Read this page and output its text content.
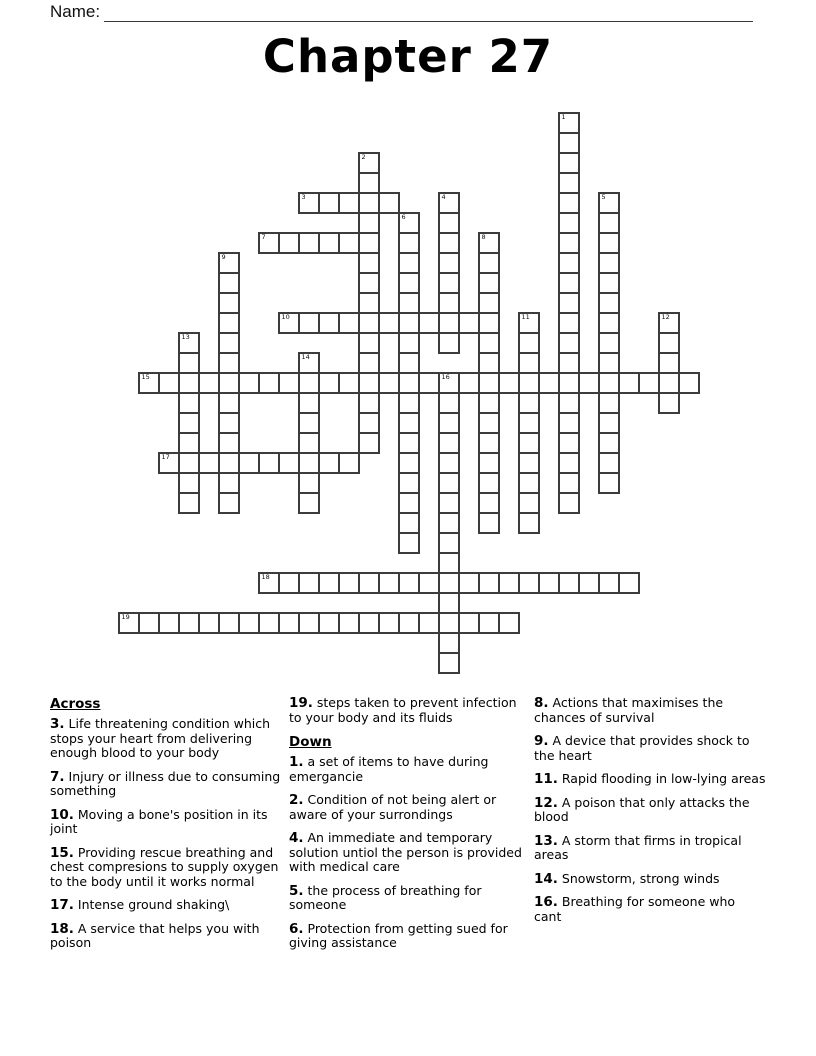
Name:
Chapter 27
1
2
3	4	5
6
7	8
9
10	11	12
13
14
15	16
17
18
19

Across

3. Life threatening condition which stops your heart from delivering enough blood to your body

7. Injury or illness due to consuming something

10. Moving a bone's position in its joint

15. Providing rescue breathing and chest compresions to supply oxygen to the body until it works normal

17. Intense ground shaking\

18. A service that helps you with poison

19. steps taken to prevent infection to your body and its fluids

Down

1. a set of items to have during emergancie

2. Condition of not being alert or aware of your surrondings

4. An immediate and temporary solution untiol the person is provided with medical care

5. the process of breathing for someone

6. Protection from getting sued for giving assistance

8. Actions that maximises the chances of survival

9. A device that provides shock to the heart

11. Rapid flooding in low-lying areas

12. A poison that only attacks the blood

13. A storm that firms in tropical areas

14. Snowstorm, strong winds

16. Breathing for someone who cant
